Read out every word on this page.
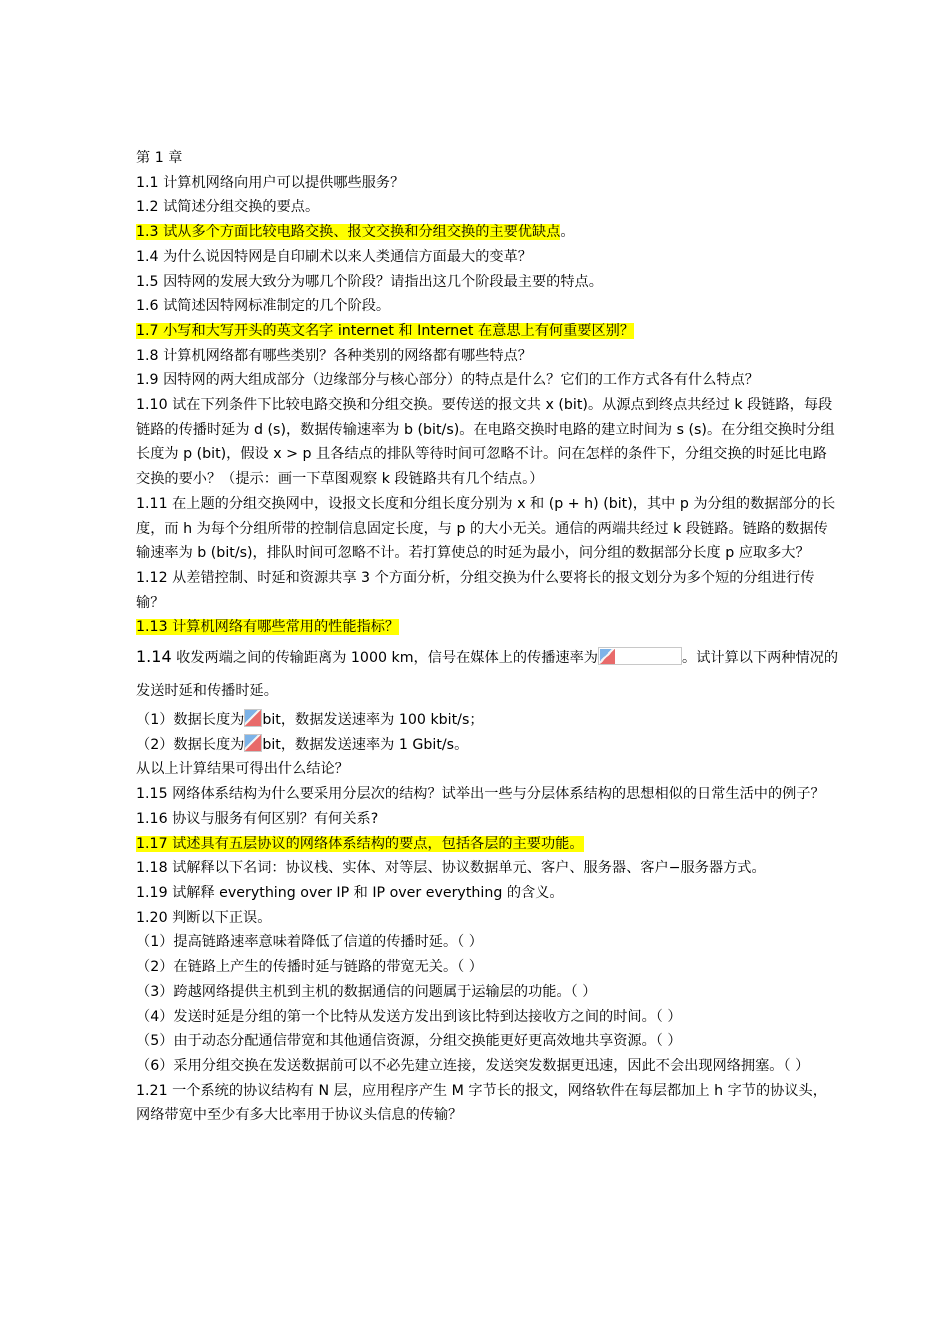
第 1 章

1.1 计算机网络向用户可以提供哪些服务？

1.2 试简述分组交换的要点。

1.3 试从多个方面比较电路交换、报文交换和分组交换的主要优缺点。

1.4 为什么说因特网是自印刷术以来人类通信方面最大的变革？

1.5 因特网的发展大致分为哪几个阶段？请指出这几个阶段最主要的特点。

1.6 试简述因特网标准制定的几个阶段。

1.7 小写和大写开头的英文名字 internet 和 Internet 在意思上有何重要区别？

1.8 计算机网络都有哪些类别？各种类别的网络都有哪些特点？

1.9 因特网的两大组成部分（边缘部分与核心部分）的特点是什么？它们的工作方式各有什么特点？

1.10 试在下列条件下比较电路交换和分组交换。要传送的报文共 x (bit)。从源点到终点共经过 k 段链路，每段链路的传播时延为 d (s)，数据传输速率为 b (bit/s)。在电路交换时电路的建立时间为 s (s)。在分组交换时分组长度为 p (bit)，假设 x > p 且各结点的排队等待时间可忽略不计。问在怎样的条件下，分组交换的时延比电路交换的要小？（提示：画一下草图观察 k 段链路共有几个结点。）

1.11 在上题的分组交换网中，设报文长度和分组长度分别为 x 和 (p + h) (bit)，其中 p 为分组的数据部分的长度，而 h 为每个分组所带的控制信息固定长度，与 p 的大小无关。通信的两端共经过 k 段链路。链路的数据传输速率为 b (bit/s)，排队时间可忽略不计。若打算使总的时延为最小，问分组的数据部分长度 p 应取多大？

1.12 从差错控制、时延和资源共享 3 个方面分析，分组交换为什么要将长的报文划分为多个短的分组进行传输？

1.13 计算机网络有哪些常用的性能指标？

1.14 收发两端之间的传输距离为 1000 km，信号在媒体上的传播速率为	。试计算以下两种情况的发送时延和传播时延。

（1）数据长度为 bit，数据发送速率为 100 kbit/s；

（2）数据长度为 bit，数据发送速率为 1 Gbit/s。

从以上计算结果可得出什么结论？

1.15 网络体系结构为什么要采用分层次的结构？试举出一些与分层体系结构的思想相似的日常生活中的例子？

1.16 协议与服务有何区别？有何关系?

1.17 试述具有五层协议的网络体系结构的要点，包括各层的主要功能。

1.18 试解释以下名词：协议栈、实体、对等层、协议数据单元、客户、服务器、客户−服务器方式。

1.19 试解释 everything over IP 和 IP over everything 的含义。

1.20 判断以下正误。

（1）提高链路速率意味着降低了信道的传播时延。（ ）

（2）在链路上产生的传播时延与链路的带宽无关。（ ）

（3）跨越网络提供主机到主机的数据通信的问题属于运输层的功能。（ ）

（4）发送时延是分组的第一个比特从发送方发出到该比特到达接收方之间的时间。（ ）

（5）由于动态分配通信带宽和其他通信资源，分组交换能更好更高效地共享资源。（ ）

（6）采用分组交换在发送数据前可以不必先建立连接，发送突发数据更迅速，因此不会出现网络拥塞。（ ）

1.21 一个系统的协议结构有 N 层，应用程序产生 M 字节长的报文，网络软件在每层都加上 h 字节的协议头，网络带宽中至少有多大比率用于协议头信息的传输？
